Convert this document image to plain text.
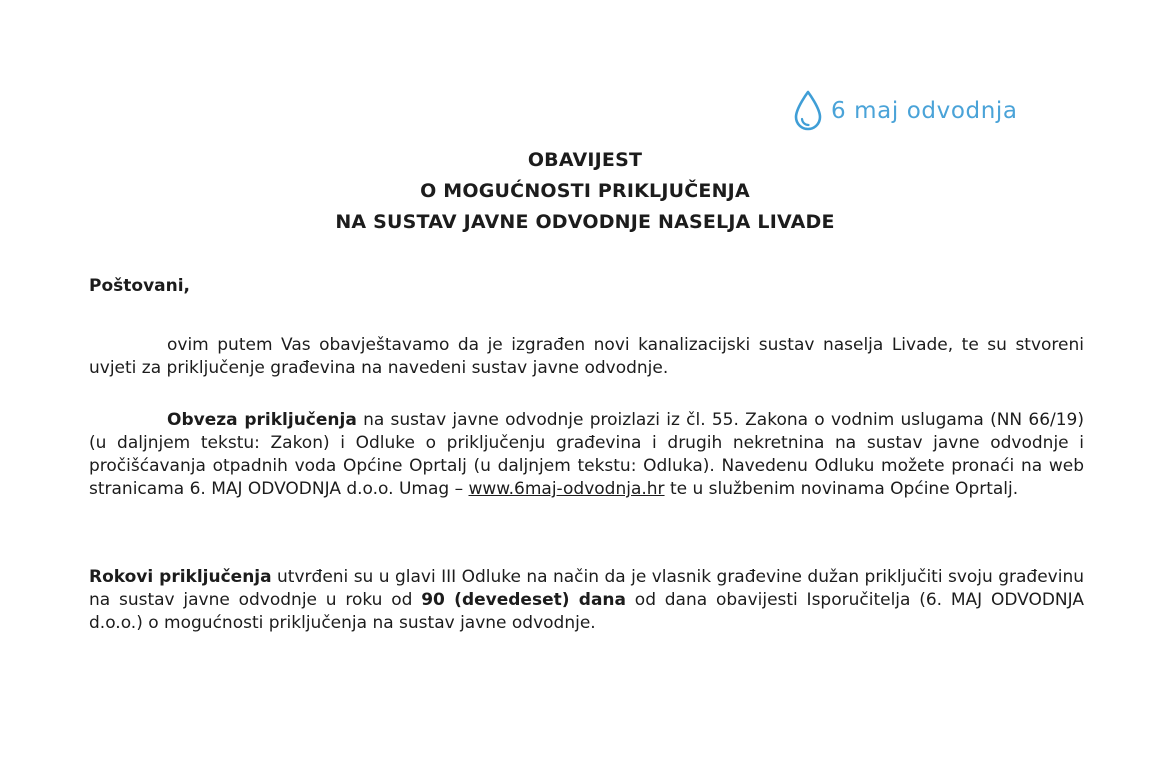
6 maj odvodnja
OBAVIJEST
O MOGUĆNOSTI PRIKLJUČENJA
NA SUSTAV JAVNE ODVODNJE NASELJA LIVADE
Poštovani,
ovim putem Vas obavještavamo da je izgrađen novi kanalizacijski sustav naselja Livade, te su stvoreni uvjeti za priključenje građevina na navedeni sustav javne odvodnje.
Obveza priključenja na sustav javne odvodnje proizlazi iz čl. 55. Zakona o vodnim uslugama (NN 66/19) (u daljnjem tekstu: Zakon) i Odluke o priključenju građevina i drugih nekretnina na sustav javne odvodnje i pročišćavanja otpadnih voda Općine Oprtalj (u daljnjem tekstu: Odluka). Navedenu Odluku možete pronaći na web stranicama 6. MAJ ODVODNJA d.o.o. Umag – www.6maj-odvodnja.hr te u službenim novinama Općine Oprtalj.
Rokovi priključenja utvrđeni su u glavi III Odluke na način da je vlasnik građevine dužan priključiti svoju građevinu na sustav javne odvodnje u roku od 90 (devedeset) dana od dana obavijesti Isporučitelja (6. MAJ ODVODNJA d.o.o.) o mogućnosti priključenja na sustav javne odvodnje.
